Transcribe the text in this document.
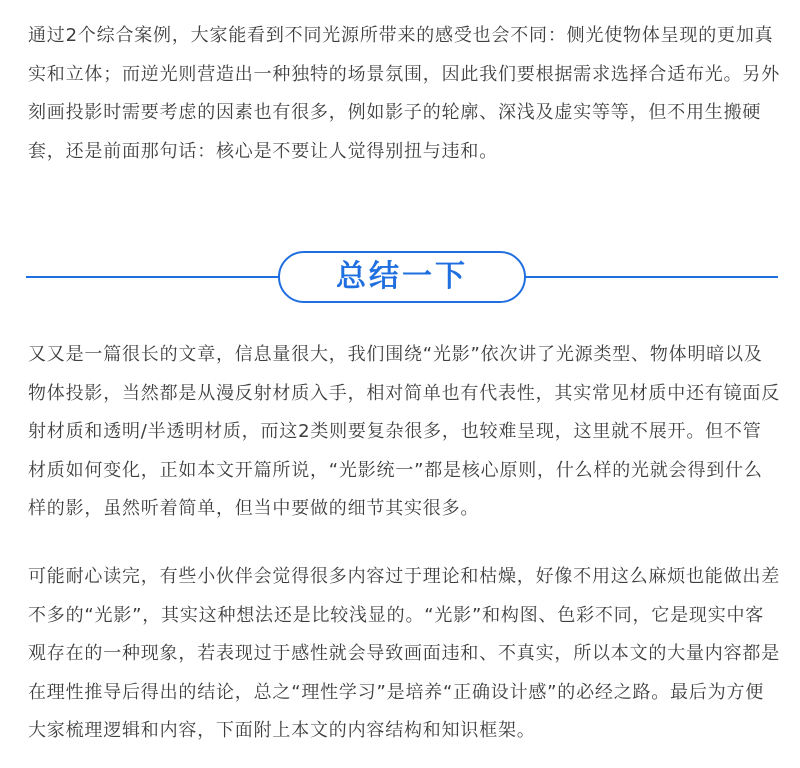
通过2个综合案例，大家能看到不同光源所带来的感受也会不同：侧光使物体呈现的更加真实和立体；而逆光则营造出一种独特的场景氛围，因此我们要根据需求选择合适布光。另外刻画投影时需要考虑的因素也有很多，例如影子的轮廓、深浅及虚实等等，但不用生搬硬套，还是前面那句话：核心是不要让人觉得别扭与违和。

总结一下

又又是一篇很长的文章，信息量很大，我们围绕“光影”依次讲了光源类型、物体明暗以及物体投影，当然都是从漫反射材质入手，相对简单也有代表性，其实常见材质中还有镜面反射材质和透明/半透明材质，而这2类则要复杂很多，也较难呈现，这里就不展开。但不管材质如何变化，正如本文开篇所说，“光影统一”都是核心原则，什么样的光就会得到什么样的影，虽然听着简单，但当中要做的细节其实很多。

可能耐心读完，有些小伙伴会觉得很多内容过于理论和枯燥，好像不用这么麻烦也能做出差不多的“光影”，其实这种想法还是比较浅显的。“光影”和构图、色彩不同，它是现实中客观存在的一种现象，若表现过于感性就会导致画面违和、不真实，所以本文的大量内容都是在理性推导后得出的结论，总之“理性学习”是培养“正确设计感”的必经之路。最后为方便大家梳理逻辑和内容，下面附上本文的内容结构和知识框架。
